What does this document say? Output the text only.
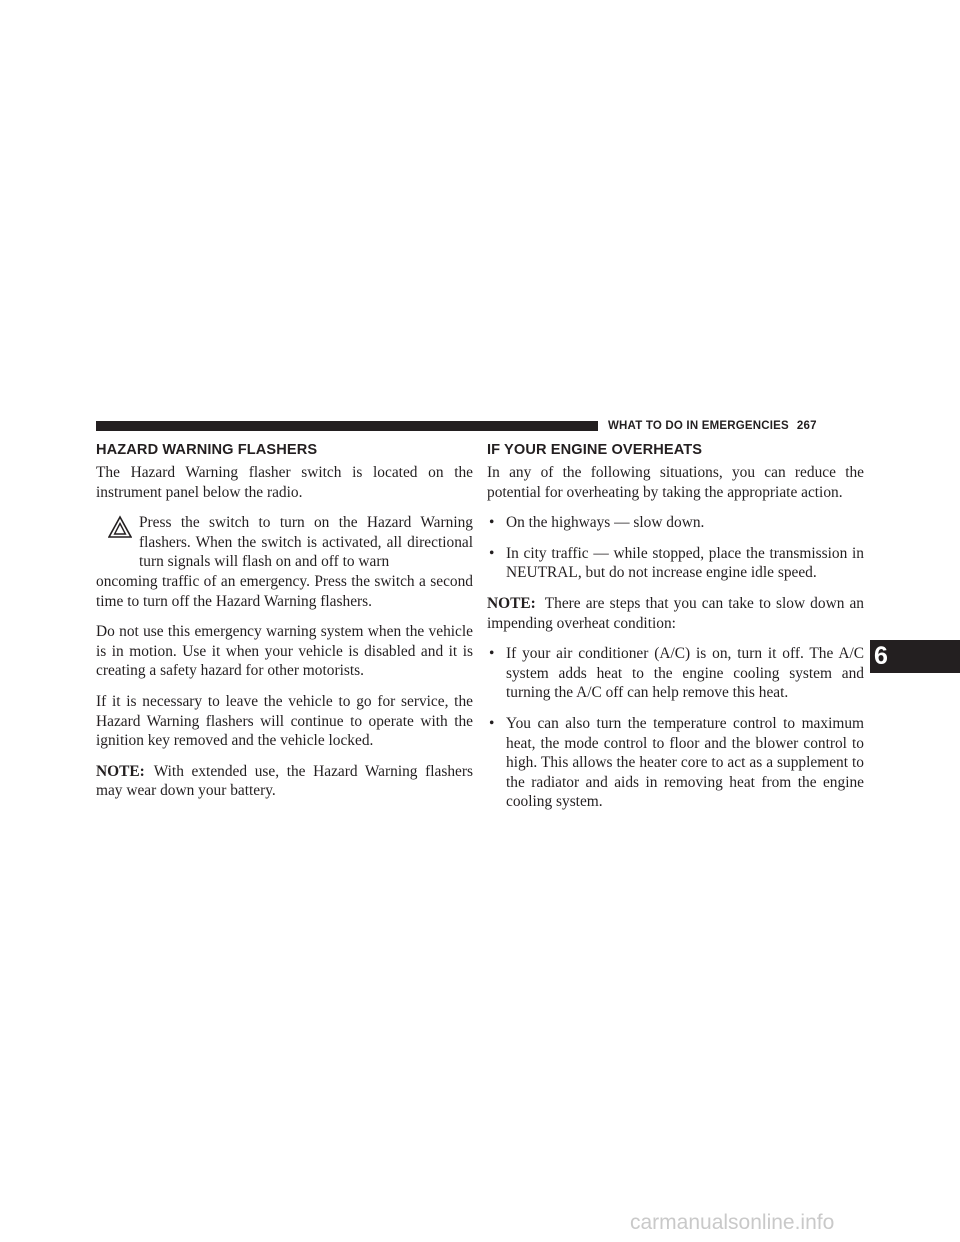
WHAT TO DO IN EMERGENCIES 267
HAZARD WARNING FLASHERS

The Hazard Warning flasher switch is located on the instrument panel below the radio.

Press the switch to turn on the Hazard Warning flashers. When the switch is activated, all directional turn signals will flash on and off to warn

oncoming traffic of an emergency. Press the switch a second time to turn off the Hazard Warning flashers.

Do not use this emergency warning system when the vehicle is in motion. Use it when your vehicle is disabled and it is creating a safety hazard for other motorists.

If it is necessary to leave the vehicle to go for service, the Hazard Warning flashers will continue to operate with the ignition key removed and the vehicle locked.

NOTE: With extended use, the Hazard Warning flashers may wear down your battery.

IF YOUR ENGINE OVERHEATS

In any of the following situations, you can reduce the potential for overheating by taking the appropriate action.

• On the highways — slow down.
• In city traffic — while stopped, place the transmission in NEUTRAL, but do not increase engine idle speed.

NOTE: There are steps that you can take to slow down an impending overheat condition:

• If your air conditioner (A/C) is on, turn it off. The A/C system adds heat to the engine cooling system and turning the A/C off can help remove this heat.
• You can also turn the temperature control to maximum heat, the mode control to floor and the blower control to high. This allows the heater core to act as a supplement to the radiator and aids in removing heat from the engine cooling system.
6
carmanualsonline.info
